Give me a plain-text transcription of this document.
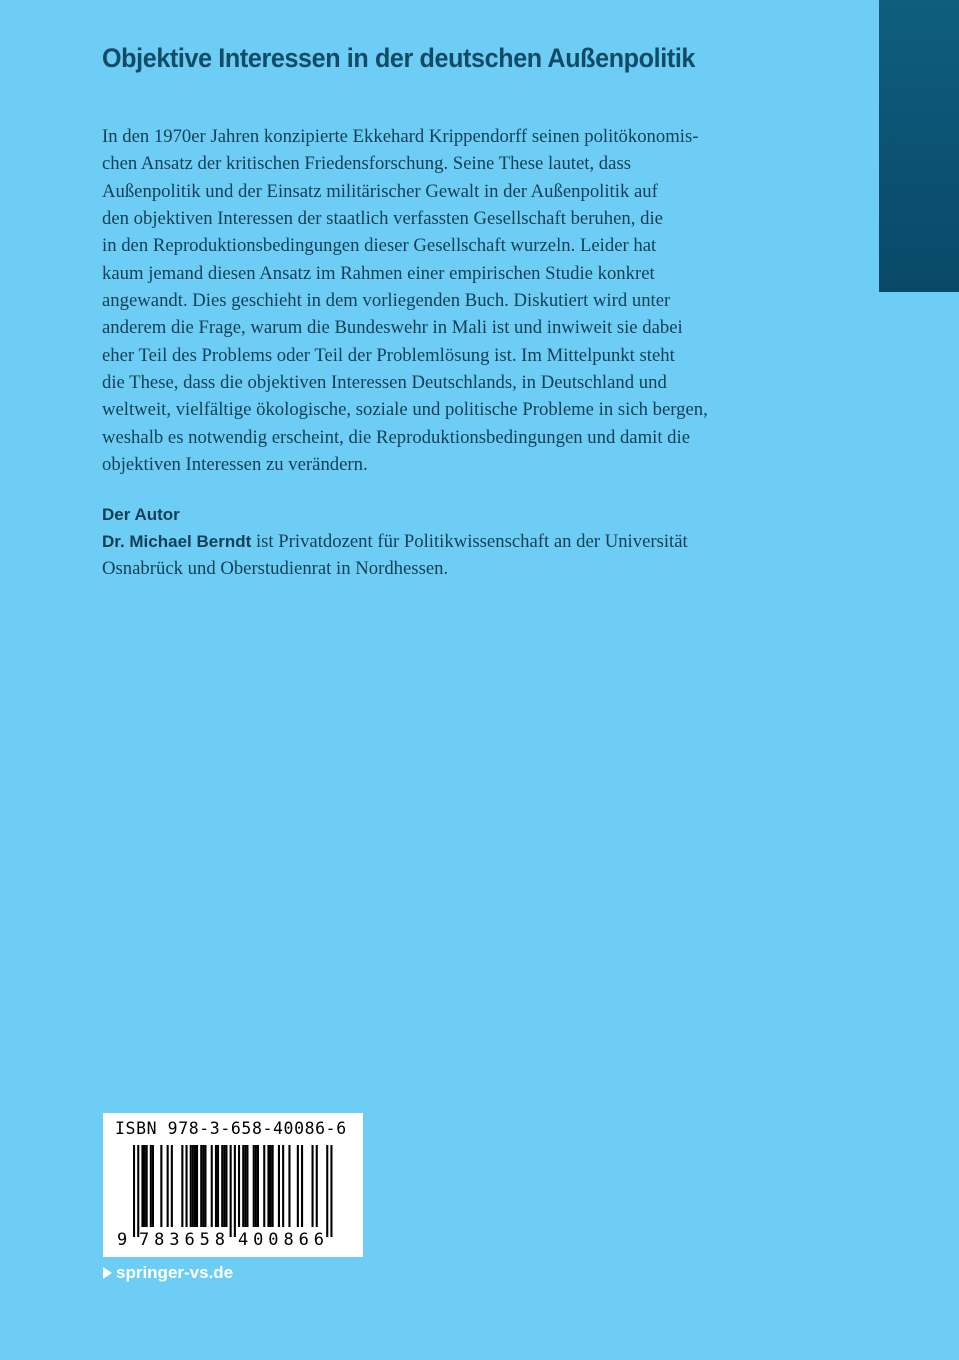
Objektive Interessen in der deutschen Außenpolitik
In den 1970er Jahren konzipierte Ekkehard Krippendorff seinen politökonomis-
chen Ansatz der kritischen Friedensforschung. Seine These lautet, dass
Außenpolitik und der Einsatz militärischer Gewalt in der Außenpolitik auf
den objektiven Interessen der staatlich verfassten Gesellschaft beruhen, die
in den Reproduktionsbedingungen dieser Gesellschaft wurzeln. Leider hat
kaum jemand diesen Ansatz im Rahmen einer empirischen Studie konkret
angewandt. Dies geschieht in dem vorliegenden Buch. Diskutiert wird unter
anderem die Frage, warum die Bundeswehr in Mali ist und inwiweit sie dabei
eher Teil des Problems oder Teil der Problemlösung ist. Im Mittelpunkt steht
die These, dass die objektiven Interessen Deutschlands, in Deutschland und
weltweit, vielfältige ökologische, soziale und politische Probleme in sich bergen,
weshalb es notwendig erscheint, die Reproduktionsbedingungen und damit die
objektiven Interessen zu verändern.
Der Autor
Dr. Michael Berndt ist Privatdozent für Politikwissenschaft an der Universität
Osnabrück und Oberstudienrat in Nordhessen.
ISBN 978-3-658-40086-6
9 783658 400866
springer-vs.de
